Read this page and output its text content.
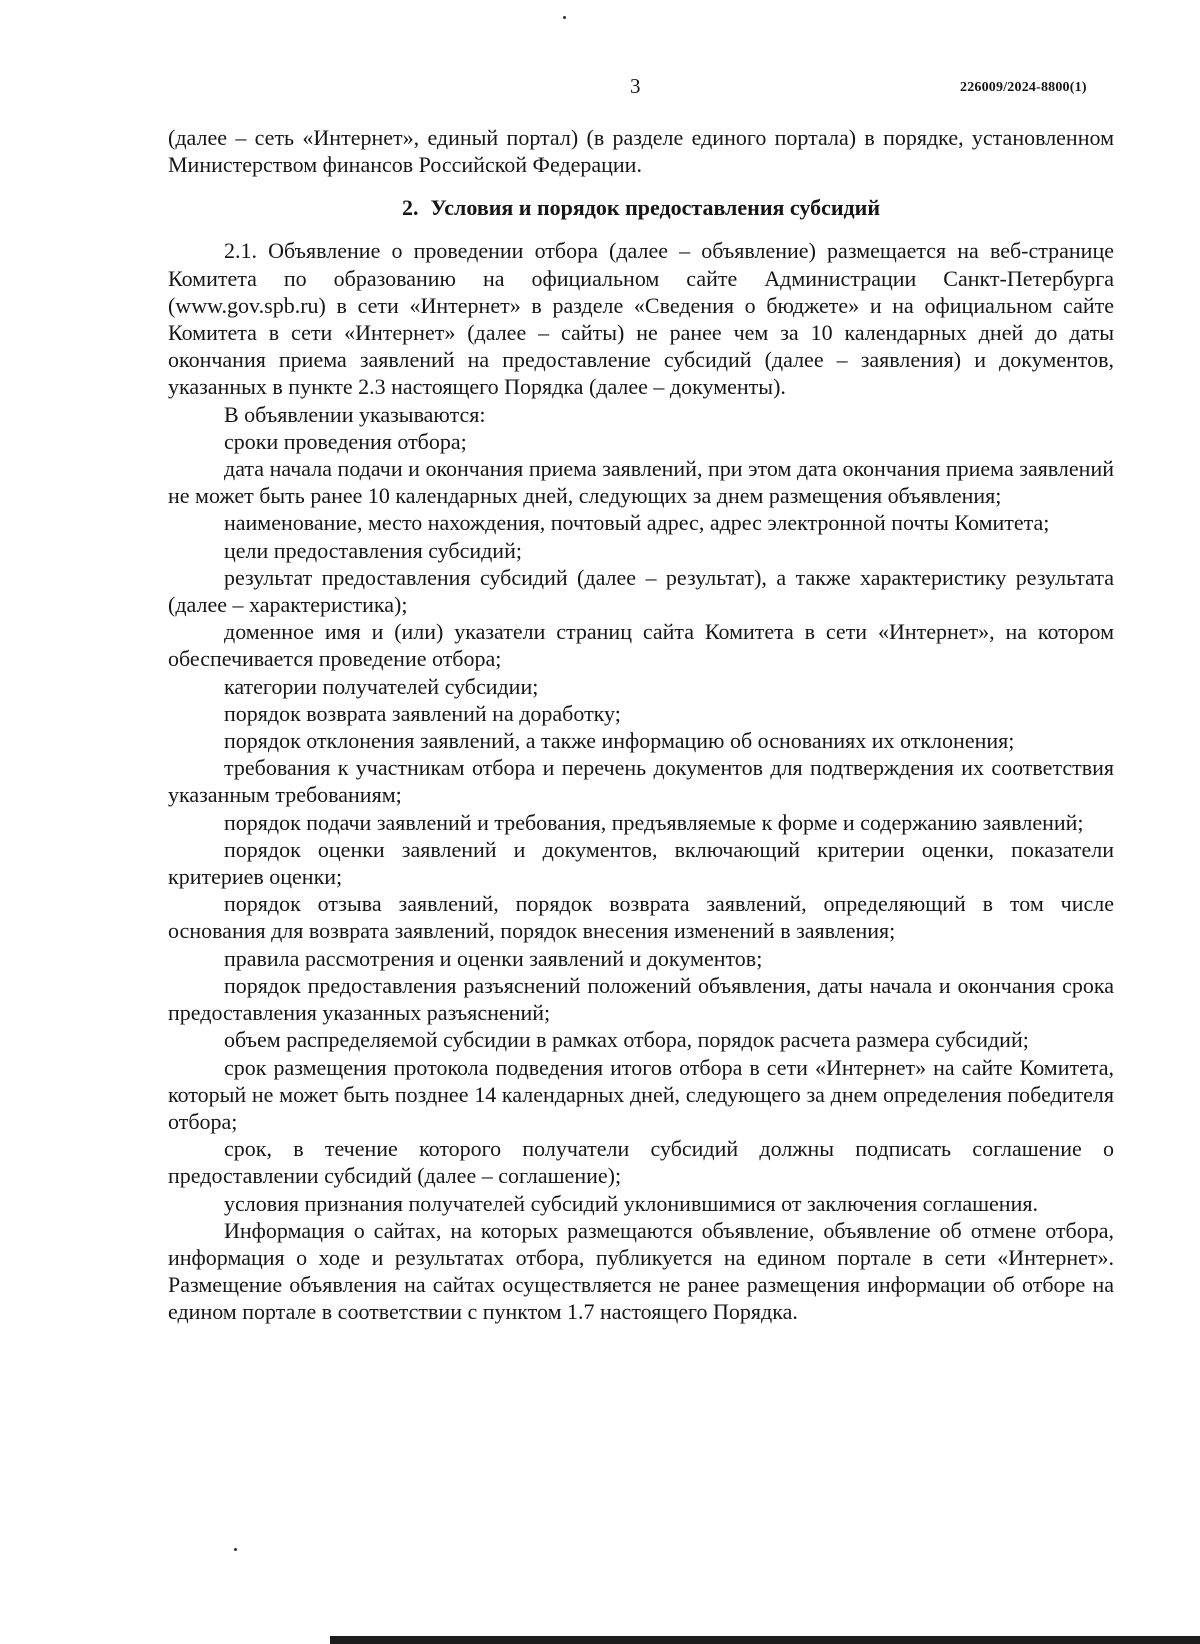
3	226009/2024-8800(1)

(далее – сеть «Интернет», единый портал) (в разделе единого портала) в порядке, установленном Министерством финансов Российской Федерации.

2. Условия и порядок предоставления субсидий

2.1. Объявление о проведении отбора (далее – объявление) размещается на веб-странице Комитета по образованию на официальном сайте Администрации Санкт-Петербурга (www.gov.spb.ru) в сети «Интернет» в разделе «Сведения о бюджете» и на официальном сайте Комитета в сети «Интернет» (далее – сайты) не ранее чем за 10 календарных дней до даты окончания приема заявлений на предоставление субсидий (далее – заявления) и документов, указанных в пункте 2.3 настоящего Порядка (далее – документы).

В объявлении указываются:

сроки проведения отбора;

дата начала подачи и окончания приема заявлений, при этом дата окончания приема заявлений не может быть ранее 10 календарных дней, следующих за днем размещения объявления;

наименование, место нахождения, почтовый адрес, адрес электронной почты Комитета;

цели предоставления субсидий;

результат предоставления субсидий (далее – результат), а также характеристику результата (далее – характеристика);

доменное имя и (или) указатели страниц сайта Комитета в сети «Интернет», на котором обеспечивается проведение отбора;

категории получателей субсидии;

порядок возврата заявлений на доработку;

порядок отклонения заявлений, а также информацию об основаниях их отклонения;

требования к участникам отбора и перечень документов для подтверждения их соответствия указанным требованиям;

порядок подачи заявлений и требования, предъявляемые к форме и содержанию заявлений;

порядок оценки заявлений и документов, включающий критерии оценки, показатели критериев оценки;

порядок отзыва заявлений, порядок возврата заявлений, определяющий в том числе основания для возврата заявлений, порядок внесения изменений в заявления;

правила рассмотрения и оценки заявлений и документов;

порядок предоставления разъяснений положений объявления, даты начала и окончания срока предоставления указанных разъяснений;

объем распределяемой субсидии в рамках отбора, порядок расчета размера субсидий;

срок размещения протокола подведения итогов отбора в сети «Интернет» на сайте Комитета, который не может быть позднее 14 календарных дней, следующего за днем определения победителя отбора;

срок, в течение которого получатели субсидий должны подписать соглашение о предоставлении субсидий (далее – соглашение);

условия признания получателей субсидий уклонившимися от заключения соглашения.

Информация о сайтах, на которых размещаются объявление, объявление об отмене отбора, информация о ходе и результатах отбора, публикуется на едином портале в сети «Интернет». Размещение объявления на сайтах осуществляется не ранее размещения информации об отборе на едином портале в соответствии с пунктом 1.7 настоящего Порядка.
